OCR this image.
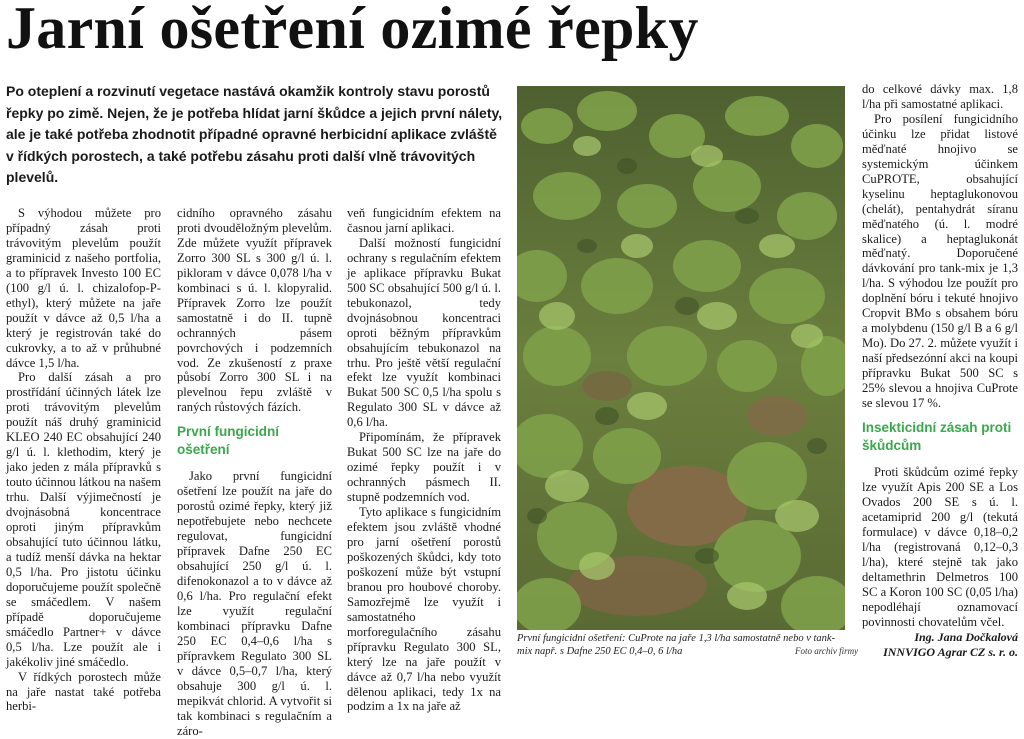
Jarní ošetření ozimé řepky
Po oteplení a rozvinutí vegetace nastává okamžik kontroly stavu porostů řepky po zimě. Nejen, že je potřeba hlídat jarní škůdce a jejich první nálety, ale je také potřeba zhodnotit případné opravné herbicidní aplikace zvláště v řídkých porostech, a také potřebu zásahu proti další vlně trávovitých plevelů.

S výhodou můžete pro případný zásah proti trávovitým plevelům použít graminicid z našeho portfolia, a to přípravek Investo 100 EC (100 g/l ú. l. chizalofop-P-ethyl), který můžete na jaře použít v dávce až 0,5 l/ha a který je registrován také do cukrovky, a to až v průhubné dávce 1,5 l/ha.

Pro další zásah a pro prostřídání účinných látek lze proti trávovitým plevelům použít náš druhý graminicid KLEO 240 EC obsahující 240 g/l ú. l. klethodim, který je jako jeden z mála přípravků s touto účinnou látkou na našem trhu. Další výjimečností je dvojnásobná koncentrace oproti jiným přípravkům obsahující tuto účinnou látku, a tudíž menší dávka na hektar 0,5 l/ha. Pro jistotu účinku doporučujeme použít společně se smáčedlem. V našem případě doporučujeme smáčedlo Partner+ v dávce 0,5 l/ha. Lze použít ale i jakékoliv jiné smáčedlo.

V řídkých porostech může na jaře nastat také potřeba herbi-

cidního opravného zásahu proti dvouděložným plevelům. Zde můžete využít přípravek Zorro 300 SL s 300 g/l ú. l. pikloram v dávce 0,078 l/ha v kombinaci s ú. l. klopyralid. Přípravek Zorro lze použít samostatně i do II. tupně ochranných pásem povrchových i podzemních vod. Ze zkušeností z praxe působí Zorro 300 SL i na plevelnou řepu zvláště v raných růstových fázích.

První fungicidní ošetření

Jako první fungicidní ošetření lze použít na jaře do porostů ozimé řepky, který již nepotřebujete nebo nechcete regulovat, fungicidní přípravek Dafne 250 EC obsahující 250 g/l ú. l. difenokonazol a to v dávce až 0,6 l/ha. Pro regulační efekt lze využít regulační kombinaci přípravku Dafne 250 EC 0,4–0,6 l/ha s přípravkem Regulato 300 SL v dávce 0,5–0,7 l/ha, který obsahuje 300 g/l ú. l. mepikvát chlorid. A vytvořit si tak kombinaci s regulačním a záro-

veň fungicidním efektem na časnou jarní aplikaci.

Další možností fungicidní ochrany s regulačním efektem je aplikace přípravku Bukat 500 SC obsahující 500 g/l ú. l. tebukonazol, tedy dvojnásobnou koncentraci oproti běžným přípravkům obsahujícím tebukonazol na trhu. Pro ještě větší regulační efekt lze využít kombinaci Bukat 500 SC 0,5 l/ha spolu s Regulato 300 SL v dávce až 0,6 l/ha.

Připomínám, že přípravek Bukat 500 SC lze na jaře do ozimé řepky použít i v ochranných pásmech II. stupně podzemních vod.

Tyto aplikace s fungicidním efektem jsou zvláště vhodné pro jarní ošetření porostů poškozených škůdci, kdy toto poškození může být vstupní branou pro houbové choroby. Samozřejmě lze využít i samostatného morforegulačního zásahu přípravku Regulato 300 SL, který lze na jaře použít v dávce až 0,7 l/ha nebo využít dělenou aplikaci, tedy 1x na podzim a 1x na jaře až

První fungicidní ošetření: CuProte na jaře 1,3 l/ha samostatně nebo v tank-mix např. s Dafne 250 EC 0,4–0, 6 l/ha	Foto archiv firmy

do celkové dávky max. 1,8 l/ha při samostatné aplikaci.

Pro posílení fungicidního účinku lze přidat listové měďnaté hnojivo se systemickým účinkem CuPROTE, obsahující kyselinu heptaglukonovou (chelát), pentahydrát síranu měďnatého (ú. l. modré skalice) a heptaglukonát měďnatý. Doporučené dávkování pro tank-mix je 1,3 l/ha. S výhodou lze použít pro doplnění bóru i tekuté hnojivo Cropvit BMo s obsahem bóru a molybdenu (150 g/l B a 6 g/l Mo). Do 27. 2. můžete využít i naší předsezónní akci na koupi přípravku Bukat 500 SC s 25% slevou a hnojiva CuProte se slevou 17 %.

Insekticidní zásah proti škůdcům

Proti škůdcům ozimé řepky lze využít Apis 200 SE a Los Ovados 200 SE s ú. l. acetamiprid 200 g/l (tekutá formulace) v dávce 0,18–0,2 l/ha (registrovaná 0,12–0,3 l/ha), které stejně tak jako deltamethrin Delmetros 100 SC a Koron 100 SC (0,05 l/ha) nepodléhají oznamovací povinnosti chovatelům včel.

Ing. Jana Dočkalová
INNVIGO Agrar CZ s. r. o.
